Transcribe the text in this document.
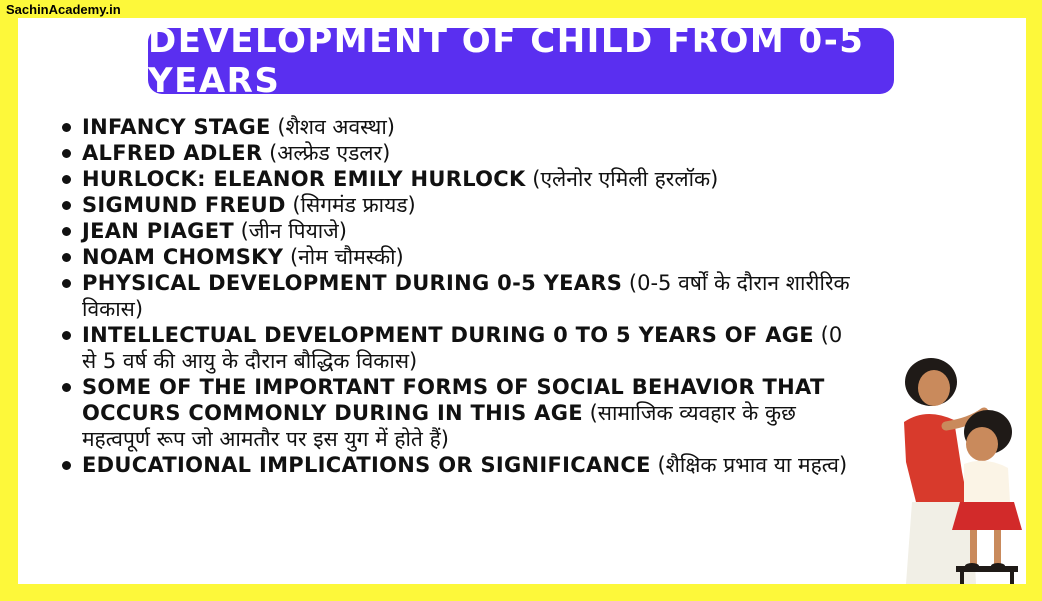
SachinAcademy.in
DEVELOPMENT OF CHILD FROM 0-5 YEARS
INFANCY STAGE (शैशव अवस्था)
ALFRED ADLER (अल्फ्रेड एडलर)
HURLOCK: ELEANOR EMILY HURLOCK (एलेनोर एमिली हरलॉक)
SIGMUND FREUD (सिगमंड फ्रायड)
JEAN PIAGET (जीन पियाजे)
NOAM CHOMSKY (नोम चौमस्की)
PHYSICAL DEVELOPMENT DURING 0-5 YEARS (0-5 वर्षों के दौरान शारीरिक विकास)
INTELLECTUAL DEVELOPMENT DURING 0 TO 5 YEARS OF AGE (0 से 5 वर्ष की आयु के दौरान बौद्धिक विकास)
SOME OF THE IMPORTANT FORMS OF SOCIAL BEHAVIOR THAT OCCURS COMMONLY DURING IN THIS AGE (सामाजिक व्यवहार के कुछ महत्वपूर्ण रूप जो आमतौर पर इस युग में होते हैं)
EDUCATIONAL IMPLICATIONS OR SIGNIFICANCE (शैक्षिक प्रभाव या महत्व)
